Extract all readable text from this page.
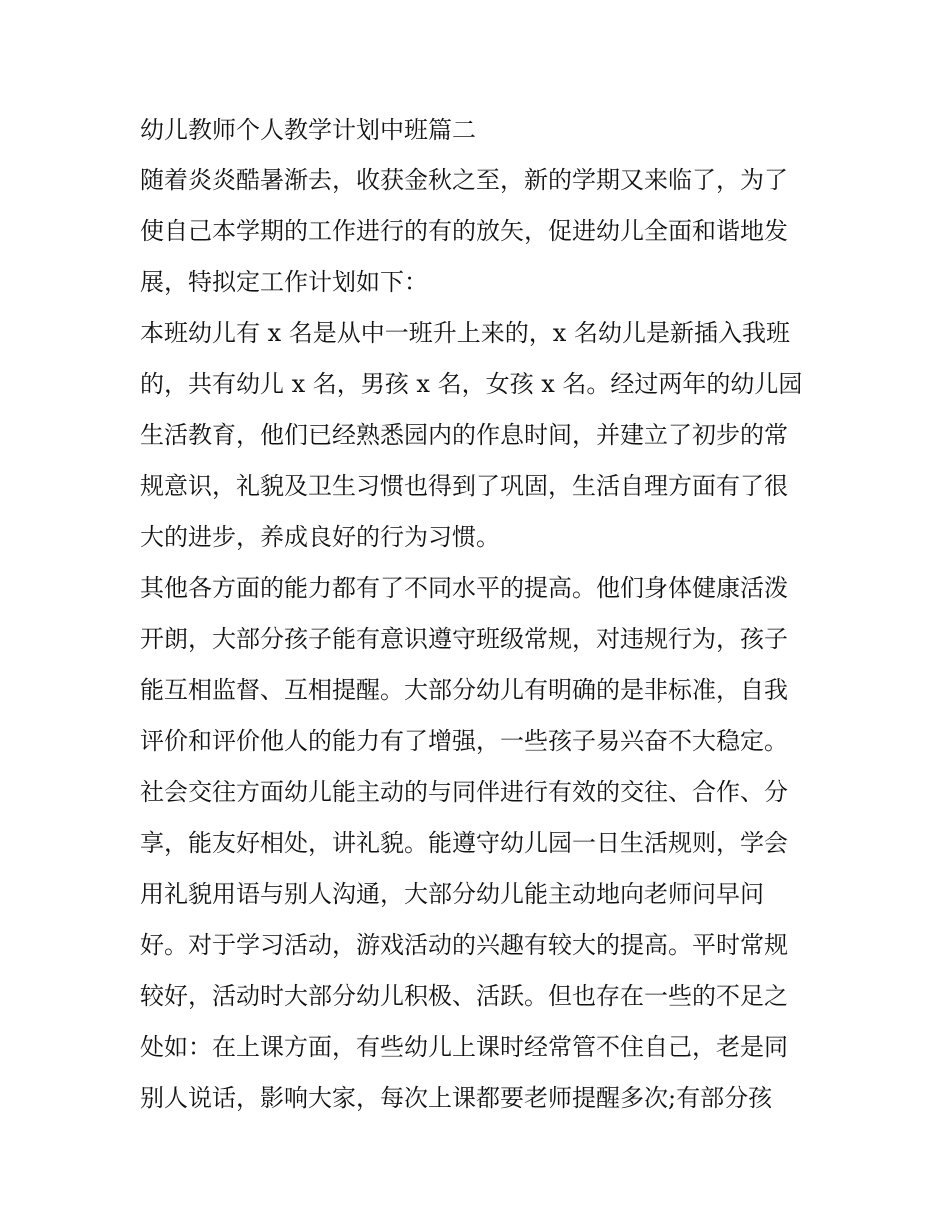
幼儿教师个人教学计划中班篇二

随着炎炎酷暑渐去，收获金秋之至，新的学期又来临了，为了
使自己本学期的工作进行的有的放矢，促进幼儿全面和谐地发
展，特拟定工作计划如下：

本班幼儿有 x 名是从中一班升上来的，x 名幼儿是新插入我班
的，共有幼儿 x 名，男孩 x 名，女孩 x 名。经过两年的幼儿园
生活教育，他们已经熟悉园内的作息时间，并建立了初步的常
规意识，礼貌及卫生习惯也得到了巩固，生活自理方面有了很
大的进步，养成良好的行为习惯。

其他各方面的能力都有了不同水平的提高。他们身体健康活泼
开朗，大部分孩子能有意识遵守班级常规，对违规行为，孩子
能互相监督、互相提醒。大部分幼儿有明确的是非标准，自我
评价和评价他人的能力有了增强，一些孩子易兴奋不大稳定。
社会交往方面幼儿能主动的与同伴进行有效的交往、合作、分
享，能友好相处，讲礼貌。能遵守幼儿园一日生活规则，学会
用礼貌用语与别人沟通，大部分幼儿能主动地向老师问早问
好。对于学习活动，游戏活动的兴趣有较大的提高。平时常规
较好，活动时大部分幼儿积极、活跃。但也存在一些的不足之
处如：在上课方面，有些幼儿上课时经常管不住自己，老是同
别人说话，影响大家，每次上课都要老师提醒多次;有部分孩
